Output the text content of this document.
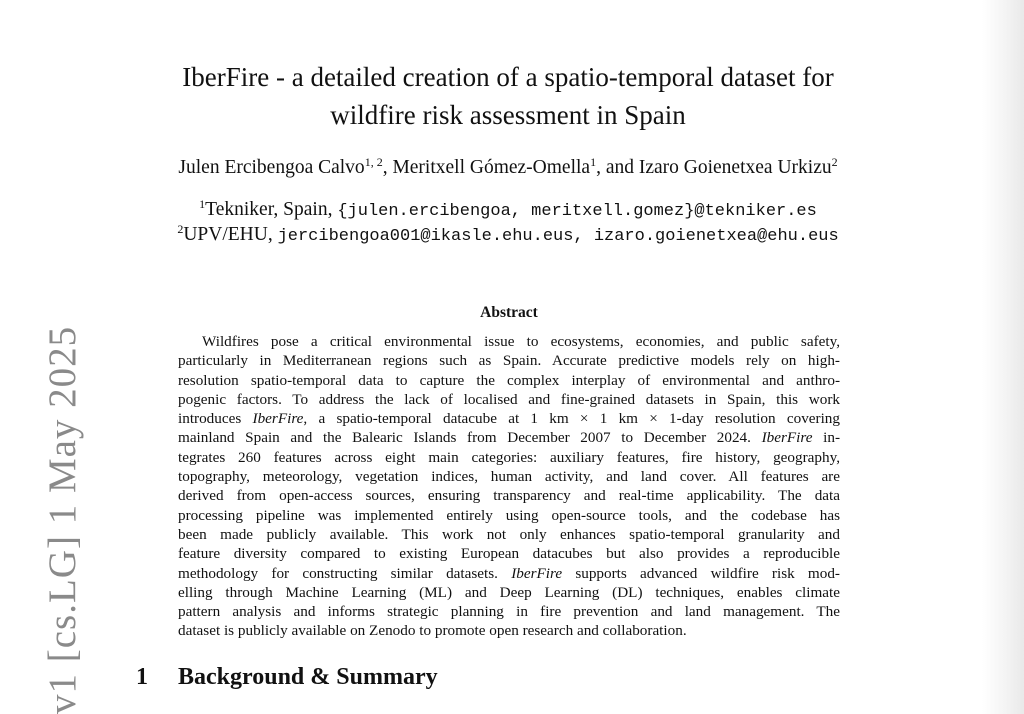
v1 [cs.LG] 1 May 2025
IberFire - a detailed creation of a spatio-temporal dataset for
wildfire risk assessment in Spain
Julen Ercibengoa Calvo$^{1, 2}$, Meritxell Gómez-Omella$^1$, and Izaro Goienetxea Urkizu$^2$
$^1$Tekniker, Spain, {julen.ercibengoa, meritxell.gomez}@tekniker.es
$^2$UPV/EHU, jercibengoa001@ikasle.ehu.eus, izaro.goienetxea@ehu.eus
Abstract
Wildfires pose a critical environmental issue to ecosystems, economies, and public safety,
particularly in Mediterranean regions such as Spain. Accurate predictive models rely on high-
resolution spatio-temporal data to capture the complex interplay of environmental and anthro-
pogenic factors. To address the lack of localised and fine-grained datasets in Spain, this work
introduces IberFire, a spatio-temporal datacube at 1 km × 1 km × 1-day resolution covering
mainland Spain and the Balearic Islands from December 2007 to December 2024. IberFire in-
tegrates 260 features across eight main categories: auxiliary features, fire history, geography,
topography, meteorology, vegetation indices, human activity, and land cover. All features are
derived from open-access sources, ensuring transparency and real-time applicability. The data
processing pipeline was implemented entirely using open-source tools, and the codebase has
been made publicly available. This work not only enhances spatio-temporal granularity and
feature diversity compared to existing European datacubes but also provides a reproducible
methodology for constructing similar datasets. IberFire supports advanced wildfire risk mod-
elling through Machine Learning (ML) and Deep Learning (DL) techniques, enables climate
pattern analysis and informs strategic planning in fire prevention and land management. The
dataset is publicly available on Zenodo to promote open research and collaboration.
1 Background & Summary
